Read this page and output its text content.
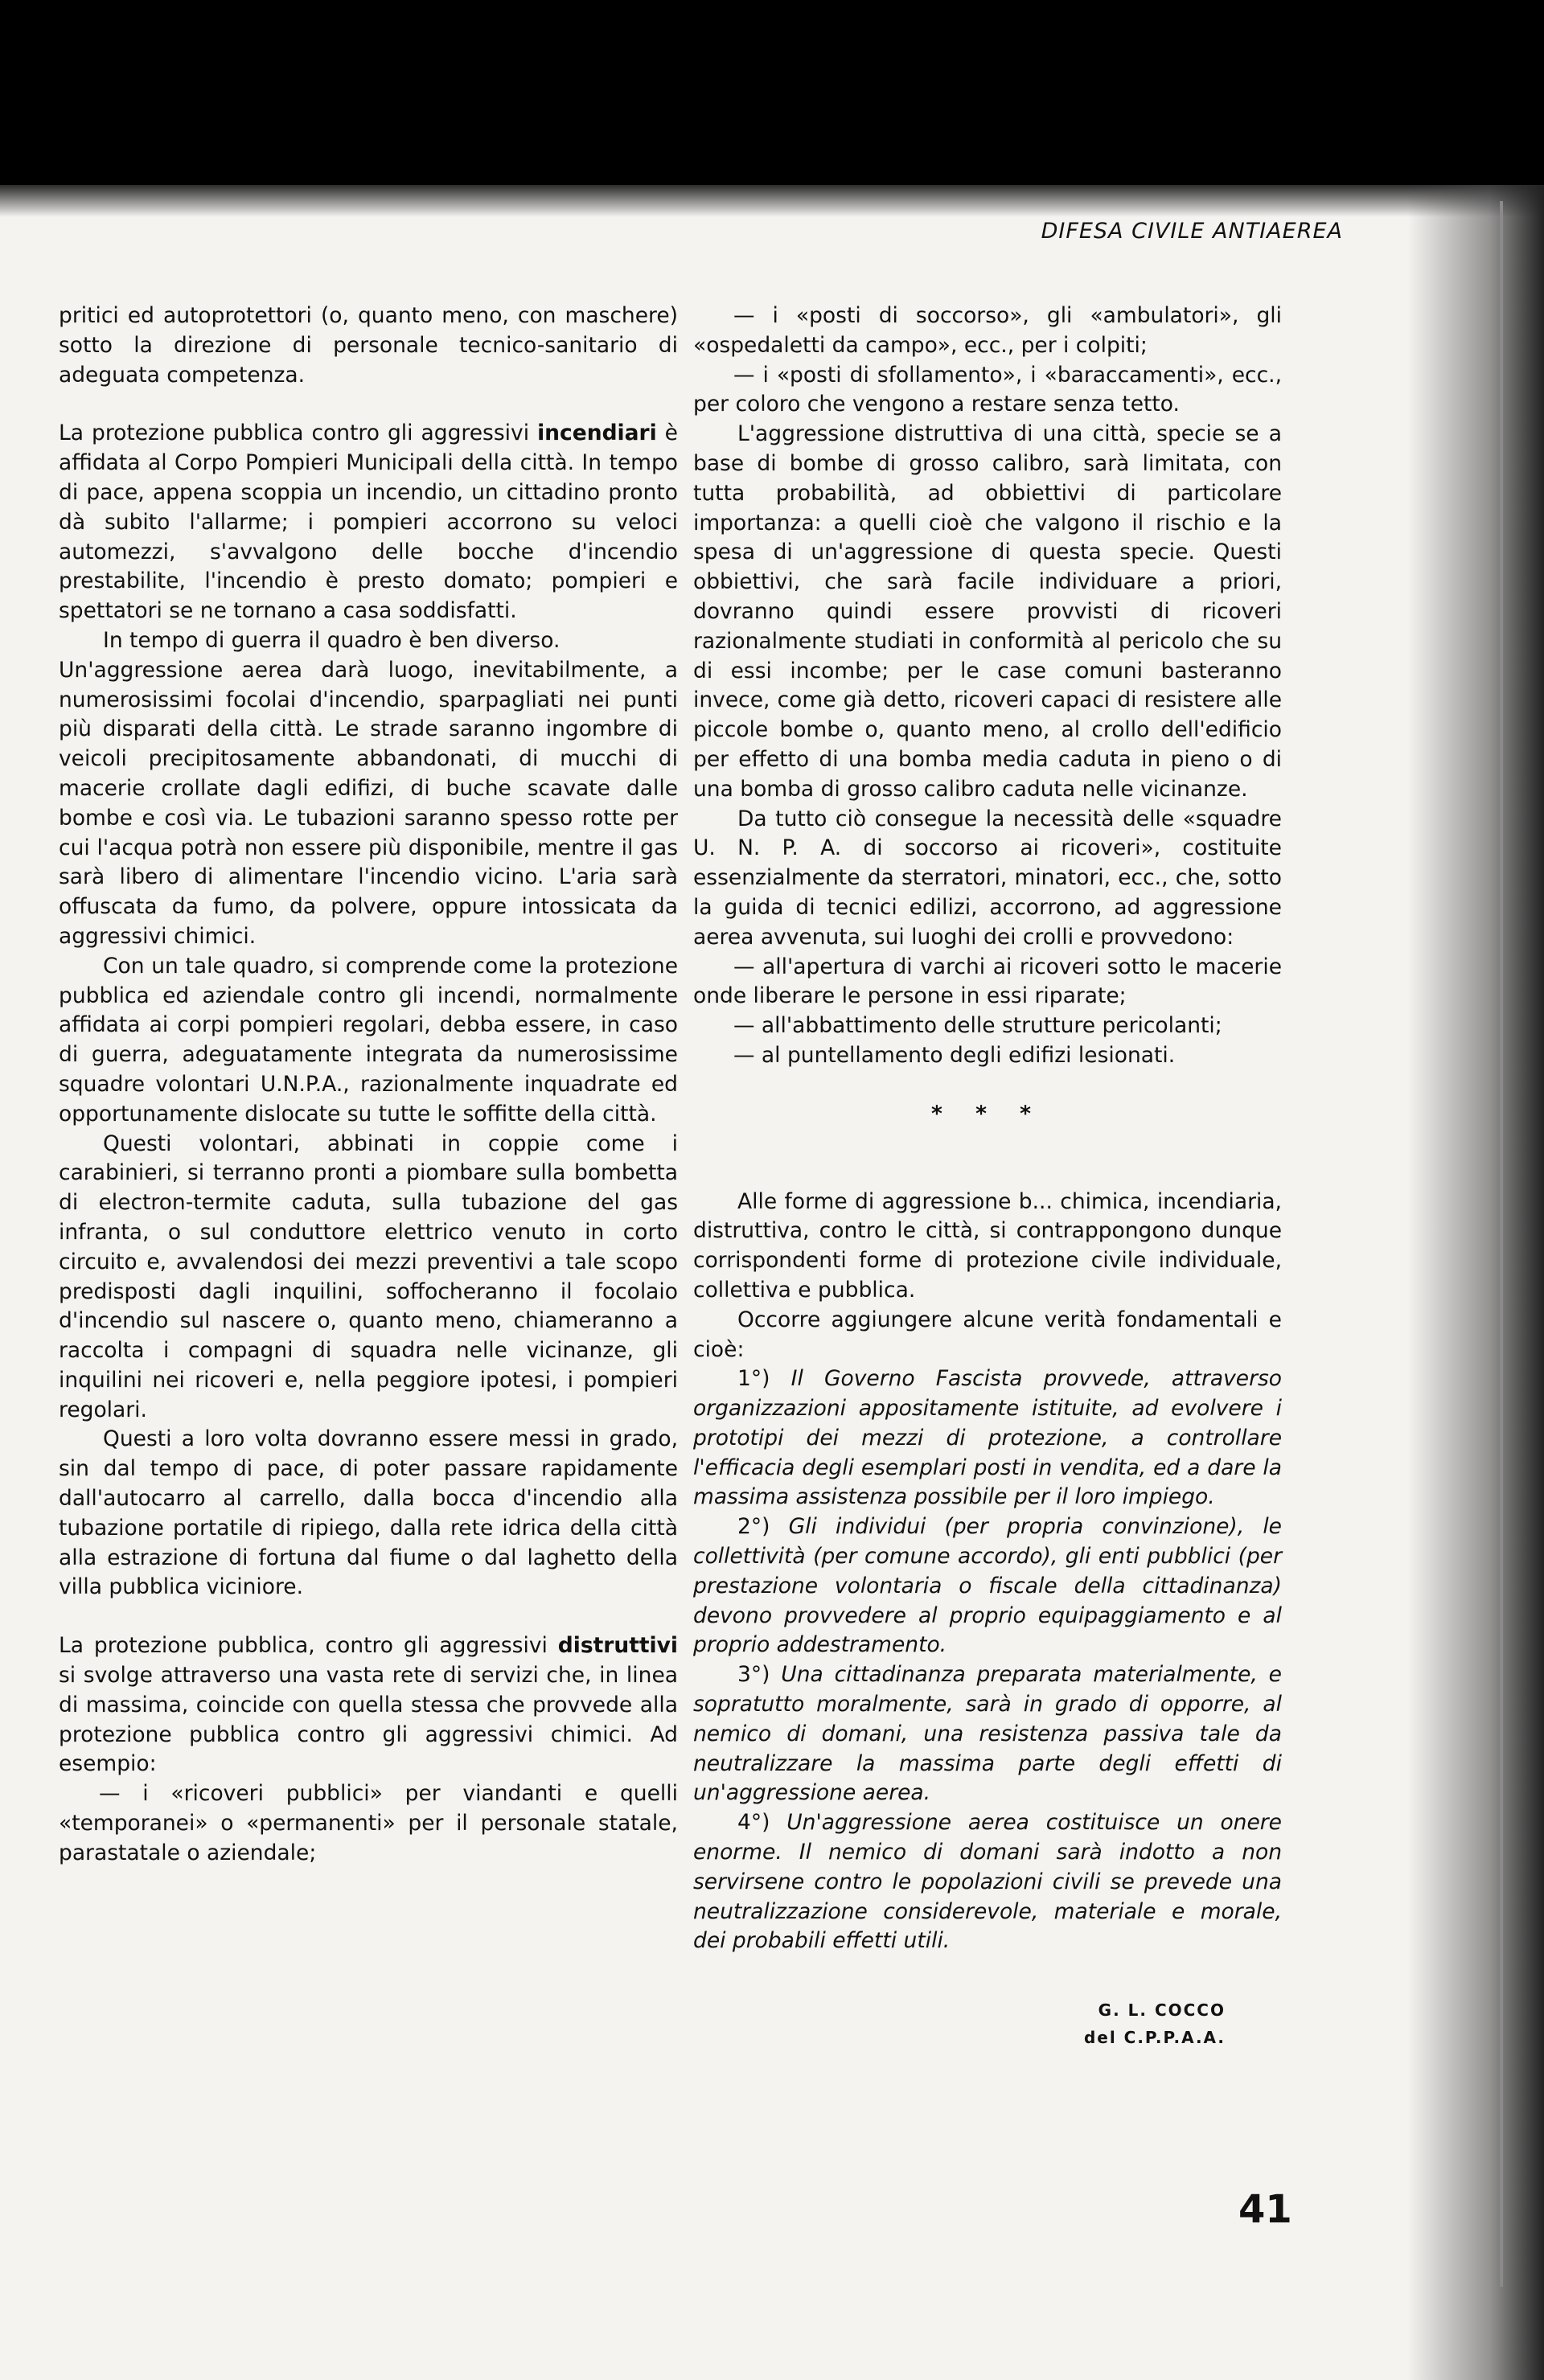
DIFESA CIVILE ANTIAEREA

pritici ed autoprotettori (o, quanto meno, con maschere) sotto la direzione di personale tecnico-sanitario di adeguata competenza.

La protezione pubblica contro gli aggressivi incendiari è affidata al Corpo Pompieri Municipali della città. In tempo di pace, appena scoppia un incendio, un cittadino pronto dà subito l'allarme; i pompieri accorrono su veloci automezzi, s'avvalgono delle bocche d'incendio prestabilite, l'incendio è presto domato; pompieri e spettatori se ne tornano a casa soddisfatti.

In tempo di guerra il quadro è ben diverso.

Un'aggressione aerea darà luogo, inevitabilmente, a numerosissimi focolai d'incendio, sparpagliati nei punti più disparati della città. Le strade saranno ingombre di veicoli precipitosamente abbandonati, di mucchi di macerie crollate dagli edifizi, di buche scavate dalle bombe e così via. Le tubazioni saranno spesso rotte per cui l'acqua potrà non essere più disponibile, mentre il gas sarà libero di alimentare l'incendio vicino. L'aria sarà offuscata da fumo, da polvere, oppure intossicata da aggressivi chimici.

Con un tale quadro, si comprende come la protezione pubblica ed aziendale contro gli incendi, normalmente affidata ai corpi pompieri regolari, debba essere, in caso di guerra, adeguatamente integrata da numerosissime squadre volontari U.N.P.A., razionalmente inquadrate ed opportunamente dislocate su tutte le soffitte della città.

Questi volontari, abbinati in coppie come i carabinieri, si terranno pronti a piombare sulla bombetta di electron-termite caduta, sulla tubazione del gas infranta, o sul conduttore elettrico venuto in corto circuito e, avvalendosi dei mezzi preventivi a tale scopo predisposti dagli inquilini, soffocheranno il focolaio d'incendio sul nascere o, quanto meno, chiameranno a raccolta i compagni di squadra nelle vicinanze, gli inquilini nei ricoveri e, nella peggiore ipotesi, i pompieri regolari.

Questi a loro volta dovranno essere messi in grado, sin dal tempo di pace, di poter passare rapidamente dall'autocarro al carrello, dalla bocca d'incendio alla tubazione portatile di ripiego, dalla rete idrica della città alla estrazione di fortuna dal fiume o dal laghetto della villa pubblica viciniore.

La protezione pubblica, contro gli aggressivi distruttivi si svolge attraverso una vasta rete di servizi che, in linea di massima, coincide con quella stessa che provvede alla protezione pubblica contro gli aggressivi chimici. Ad esempio:

— i «ricoveri pubblici» per viandanti e quelli «temporanei» o «permanenti» per il personale statale, parastatale o aziendale;

— i «posti di soccorso», gli «ambulatori», gli «ospedaletti da campo», ecc., per i colpiti;

— i «posti di sfollamento», i «baraccamenti», ecc., per coloro che vengono a restare senza tetto.

L'aggressione distruttiva di una città, specie se a base di bombe di grosso calibro, sarà limitata, con tutta probabilità, ad obbiettivi di particolare importanza: a quelli cioè che valgono il rischio e la spesa di un'aggressione di questa specie. Questi obbiettivi, che sarà facile individuare a priori, dovranno quindi essere provvisti di ricoveri razionalmente studiati in conformità al pericolo che su di essi incombe; per le case comuni basteranno invece, come già detto, ricoveri capaci di resistere alle piccole bombe o, quanto meno, al crollo dell'edificio per effetto di una bomba media caduta in pieno o di una bomba di grosso calibro caduta nelle vicinanze.

Da tutto ciò consegue la necessità delle «squadre U. N. P. A. di soccorso ai ricoveri», costituite essenzialmente da sterratori, minatori, ecc., che, sotto la guida di tecnici edilizi, accorrono, ad aggressione aerea avvenuta, sui luoghi dei crolli e provvedono:

— all'apertura di varchi ai ricoveri sotto le macerie onde liberare le persone in essi riparate;

— all'abbattimento delle strutture pericolanti;

— al puntellamento degli edifizi lesionati.

* * *

Alle forme di aggressione b... chimica, incendiaria, distruttiva, contro le città, si contrappongono dunque corrispondenti forme di protezione civile individuale, collettiva e pubblica.

Occorre aggiungere alcune verità fondamentali e cioè:

1°) Il Governo Fascista provvede, attraverso organizzazioni appositamente istituite, ad evolvere i prototipi dei mezzi di protezione, a controllare l'efficacia degli esemplari posti in vendita, ed a dare la massima assistenza possibile per il loro impiego.

2°) Gli individui (per propria convinzione), le collettività (per comune accordo), gli enti pubblici (per prestazione volontaria o fiscale della cittadinanza) devono provvedere al proprio equipaggiamento e al proprio addestramento.

3°) Una cittadinanza preparata materialmente, e sopratutto moralmente, sarà in grado di opporre, al nemico di domani, una resistenza passiva tale da neutralizzare la massima parte degli effetti di un'aggressione aerea.

4°) Un'aggressione aerea costituisce un onere enorme. Il nemico di domani sarà indotto a non servirsene contro le popolazioni civili se prevede una neutralizzazione considerevole, materiale e morale, dei probabili effetti utili.

G. L. COCCO
del C.P.P.A.A.
41
